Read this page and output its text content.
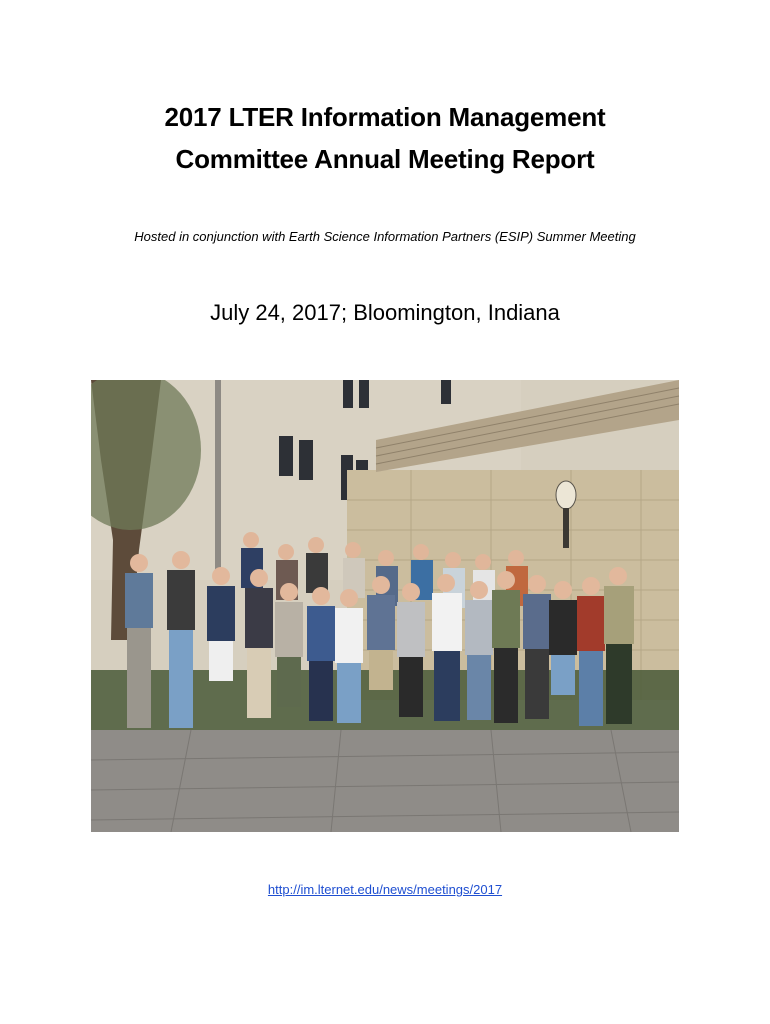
2017 LTER Information Management
Committee Annual Meeting Report
Hosted in conjunction with Earth Science Information Partners (ESIP) Summer Meeting
July 24, 2017; Bloomington, Indiana
http://im.lternet.edu/news/meetings/2017
